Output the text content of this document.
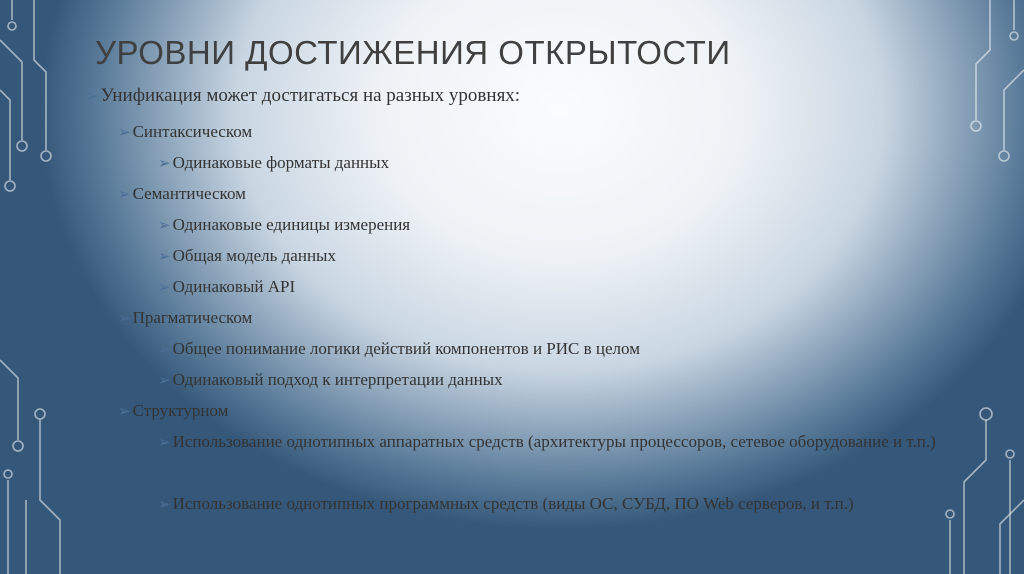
УРОВНИ ДОСТИЖЕНИЯ ОТКРЫТОСТИ
➢ Унификация может достигаться на разных уровнях:
➢ Синтаксическом
➢ Одинаковые форматы данных
➢ Семантическом
➢ Одинаковые единицы измерения
➢ Общая модель данных
➢ Одинаковый API
➢ Прагматическом
➢ Общее понимание логики действий компонентов и РИС в целом
➢ Одинаковый подход к интерпретации данных
➢ Структурном
➢ Использование однотипных аппаратных средств (архитектуры процессоров, сетевое оборудование и т.п.)
➢ Использование однотипных программных средств (виды ОС, СУБД, ПО Web серверов, и т.п.)
